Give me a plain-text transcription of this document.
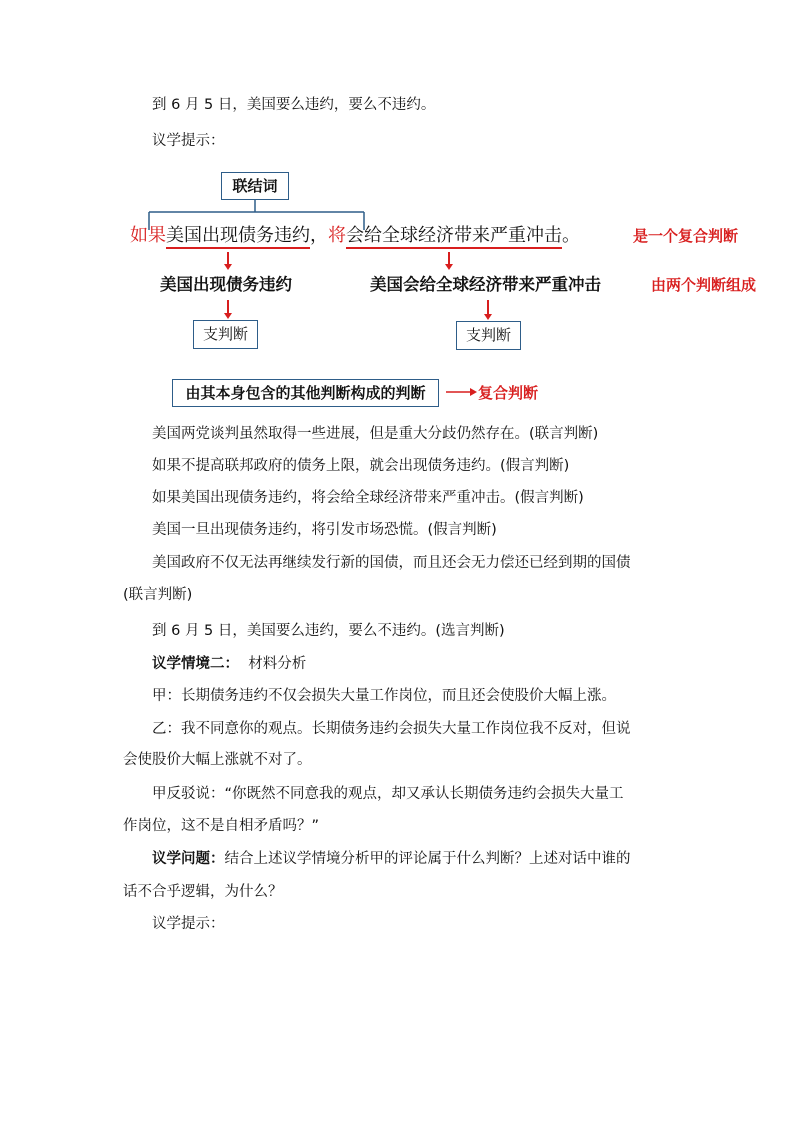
到 6 月 5 日，美国要么违约，要么不违约。
议学提示：
联结词
如果美国出现债务违约，将会给全球经济带来严重冲击。	是一个复合判断
由两个判断组成
美国出现债务违约	美国会给全球经济带来严重冲击
支判断	支判断
由其本身包含的其他判断构成的判断	复合判断
美国两党谈判虽然取得一些进展，但是重大分歧仍然存在。(联言判断)
如果不提高联邦政府的债务上限，就会出现债务违约。(假言判断)
如果美国出现债务违约，将会给全球经济带来严重冲击。(假言判断)
美国一旦出现债务违约，将引发市场恐慌。(假言判断)
美国政府不仅无法再继续发行新的国债，而且还会无力偿还已经到期的国债
(联言判断)
到 6 月 5 日，美国要么违约，要么不违约。(选言判断)
议学情境二： 材料分析
甲：长期债务违约不仅会损失大量工作岗位，而且还会使股价大幅上涨。
乙：我不同意你的观点。长期债务违约会损失大量工作岗位我不反对，但说
会使股价大幅上涨就不对了。
甲反驳说：“你既然不同意我的观点，却又承认长期债务违约会损失大量工
作岗位，这不是自相矛盾吗？”
议学问题：结合上述议学情境分析甲的评论属于什么判断？上述对话中谁的
话不合乎逻辑，为什么？
议学提示：
